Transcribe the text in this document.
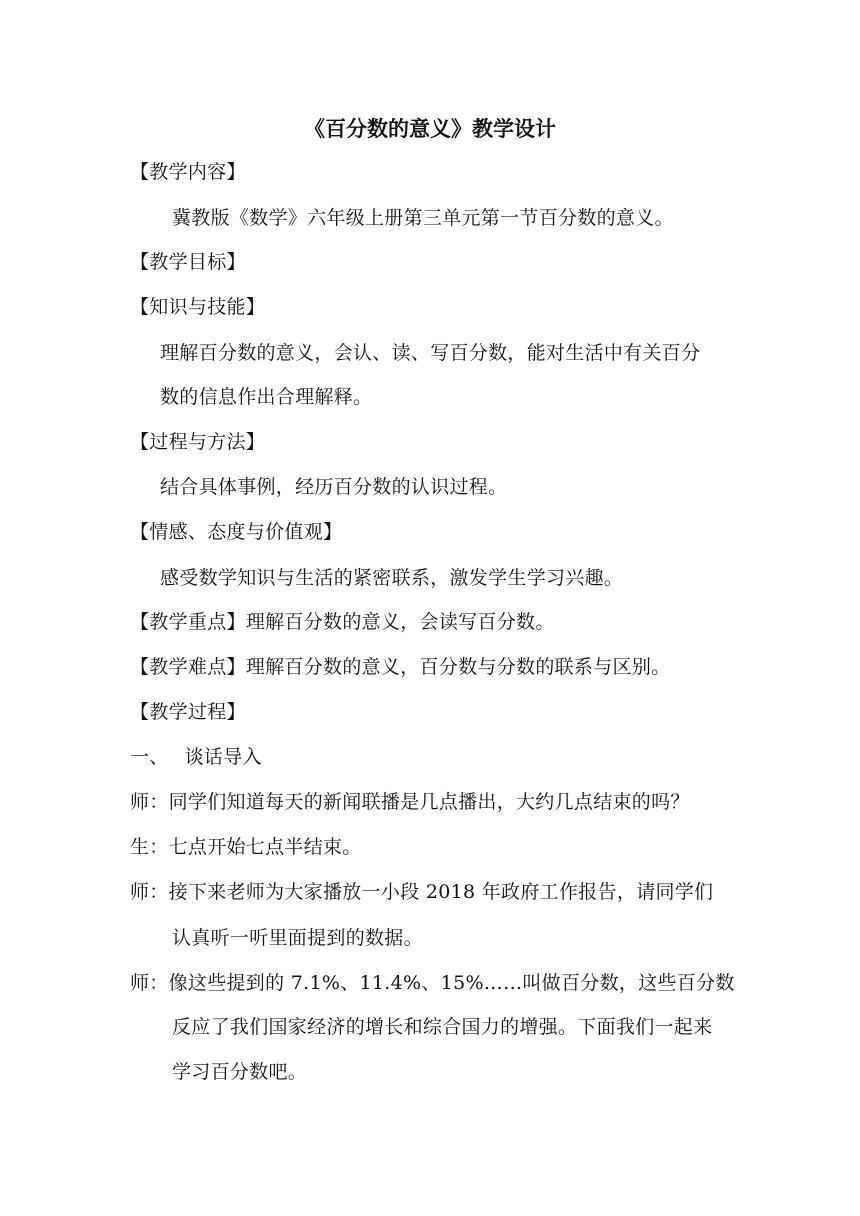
《百分数的意义》教学设计
【教学内容】
冀教版《数学》六年级上册第三单元第一节百分数的意义。
【教学目标】
【知识与技能】
理解百分数的意义，会认、读、写百分数，能对生活中有关百分
数的信息作出合理解释。
【过程与方法】
结合具体事例，经历百分数的认识过程。
【情感、态度与价值观】
感受数学知识与生活的紧密联系，激发学生学习兴趣。
【教学重点】理解百分数的意义，会读写百分数。
【教学难点】理解百分数的意义，百分数与分数的联系与区别。
【教学过程】
一、 谈话导入
师：同学们知道每天的新闻联播是几点播出，大约几点结束的吗？
生：七点开始七点半结束。
师：接下来老师为大家播放一小段 2018 年政府工作报告，请同学们
认真听一听里面提到的数据。
师：像这些提到的 7.1%、11.4%、15%……叫做百分数，这些百分数
反应了我们国家经济的增长和综合国力的增强。下面我们一起来
学习百分数吧。
